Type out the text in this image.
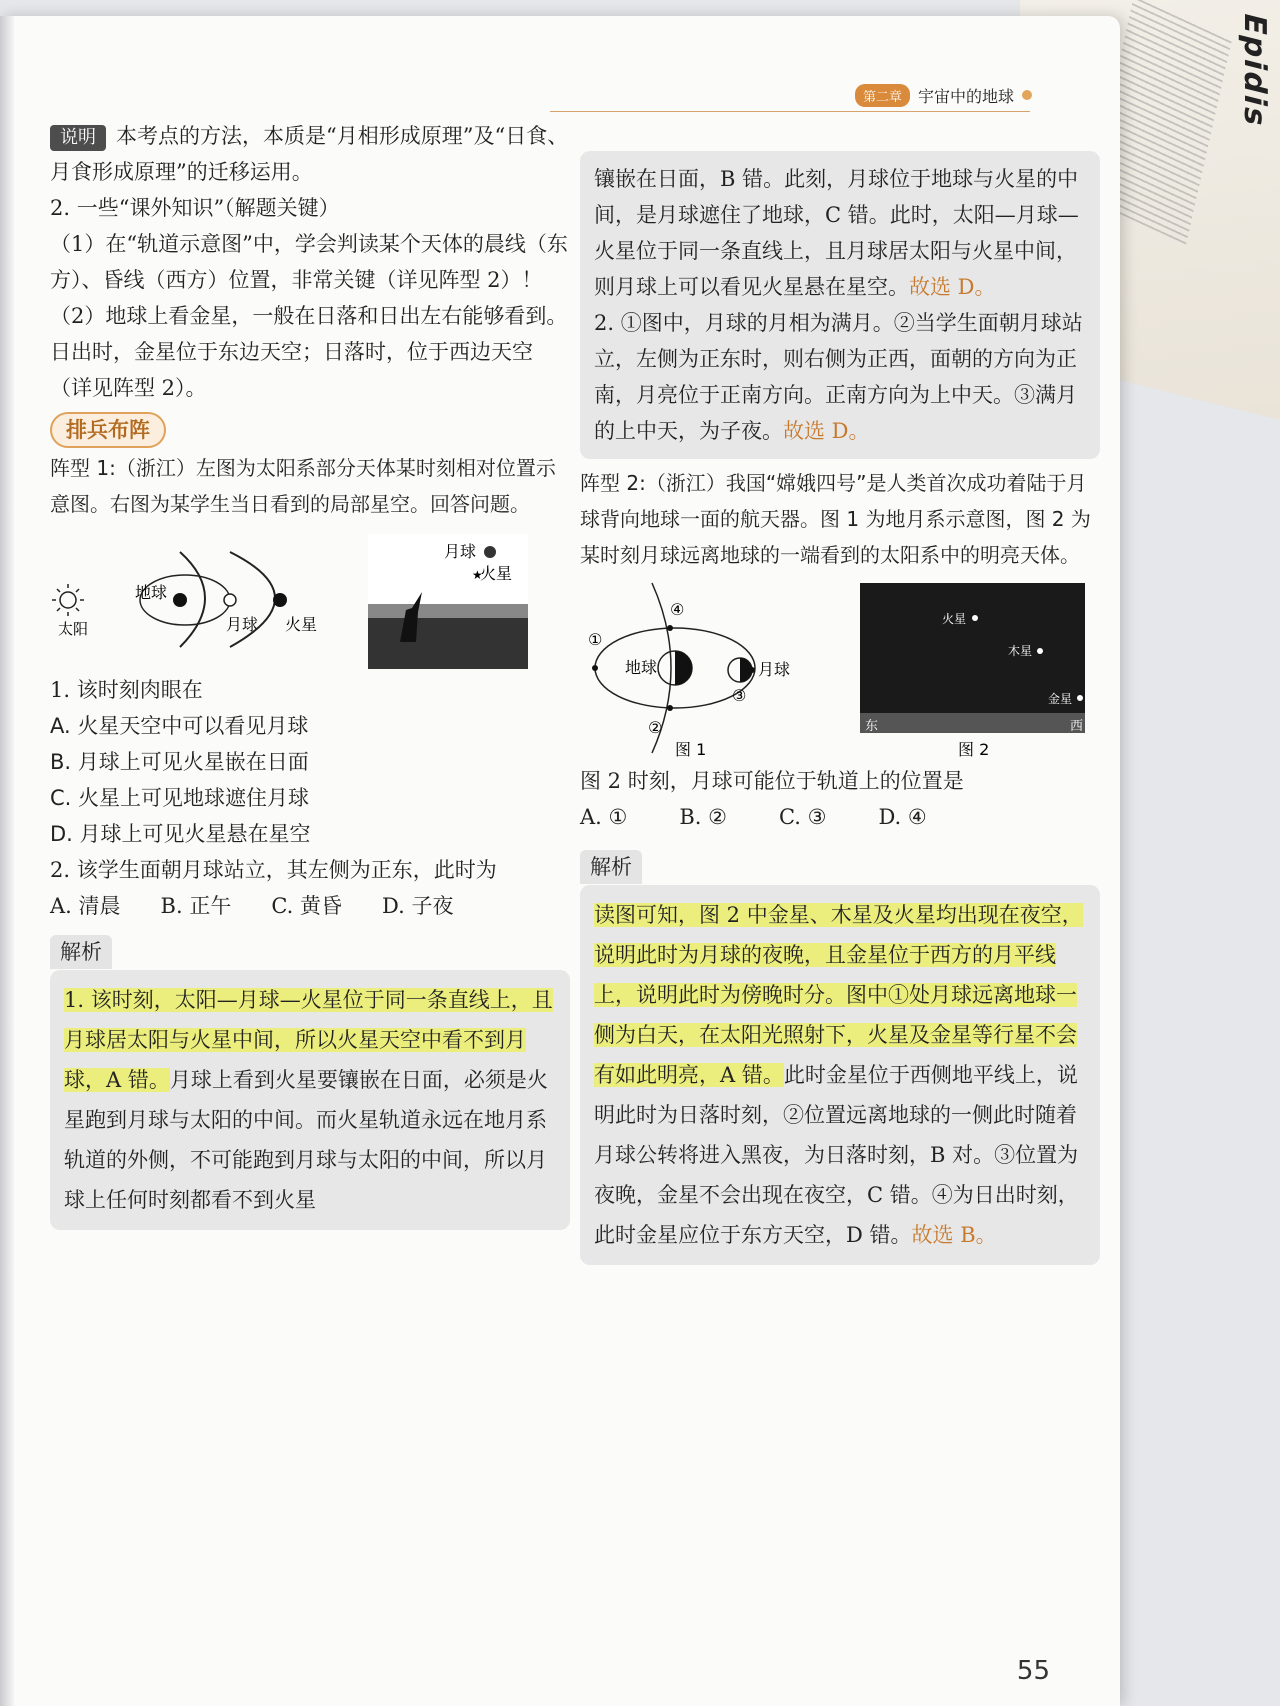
Epidis
第二章	宇宙中的地球

说明 本考点的方法，本质是“月相形成原理”及“日食、月食形成原理”的迁移运用。

2. 一些“课外知识”（解题关键）

（1）在“轨道示意图”中，学会判读某个天体的晨线（东方）、昏线（西方）位置，非常关键（详见阵型 2）！

（2）地球上看金星，一般在日落和日出左右能够看到。日出时，金星位于东边天空；日落时，位于西边天空（详见阵型 2）。

排兵布阵

阵型 1:（浙江）左图为太阳系部分天体某时刻相对位置示意图。右图为某学生当日看到的局部星空。回答问题。

太阳
地球
月球 火星
月球
火星
★

1. 该时刻肉眼在

A. 火星天空中可以看见月球

B. 月球上可见火星嵌在日面

C. 火星上可见地球遮住月球

D. 月球上可见火星悬在星空

2. 该学生面朝月球站立，其左侧为正东，此时为

A. 清晨 B. 正午 C. 黄昏 D. 子夜
解析
1. 该时刻，太阳—月球—火星位于同一条直线上，且月球居太阳与火星中间，所以火星天空中看不到月球，A 错。月球上看到火星要镶嵌在日面，必须是火星跑到月球与太阳的中间。而火星轨道永远在地月系轨道的外侧，不可能跑到月球与太阳的中间，所以月球上任何时刻都看不到火星

镶嵌在日面，B 错。此刻，月球位于地球与火星的中间，是月球遮住了地球，C 错。此时，太阳—月球—火星位于同一条直线上，且月球居太阳与火星中间，则月球上可以看见火星悬在星空。故选 D。

2. ①图中，月球的月相为满月。②当学生面朝月球站立，左侧为正东时，则右侧为正西，面朝的方向为正南，月亮位于正南方向。正南方向为上中天。③满月的上中天，为子夜。故选 D。

阵型 2:（浙江）我国“嫦娥四号”是人类首次成功着陆于月球背向地球一面的航天器。图 1 为地月系示意图，图 2 为某时刻月球远离地球的一端看到的太阳系中的明亮天体。

地球	月球
①
②
③
④
图 1
火星
木星
金星
东	西
图 2

图 2 时刻，月球可能位于轨道上的位置是

A. ① B. ② C. ③ D. ④
解析
读图可知，图 2 中金星、木星及火星均出现在夜空，说明此时为月球的夜晚，且金星位于西方的月平线上，说明此时为傍晚时分。图中①处月球远离地球一侧为白天，在太阳光照射下，火星及金星等行星不会有如此明亮，A 错。此时金星位于西侧地平线上，说明此时为日落时刻，②位置远离地球的一侧此时随着月球公转将进入黑夜，为日落时刻，B 对。③位置为夜晚，金星不会出现在夜空，C 错。④为日出时刻，此时金星应位于东方天空，D 错。故选 B。
55
